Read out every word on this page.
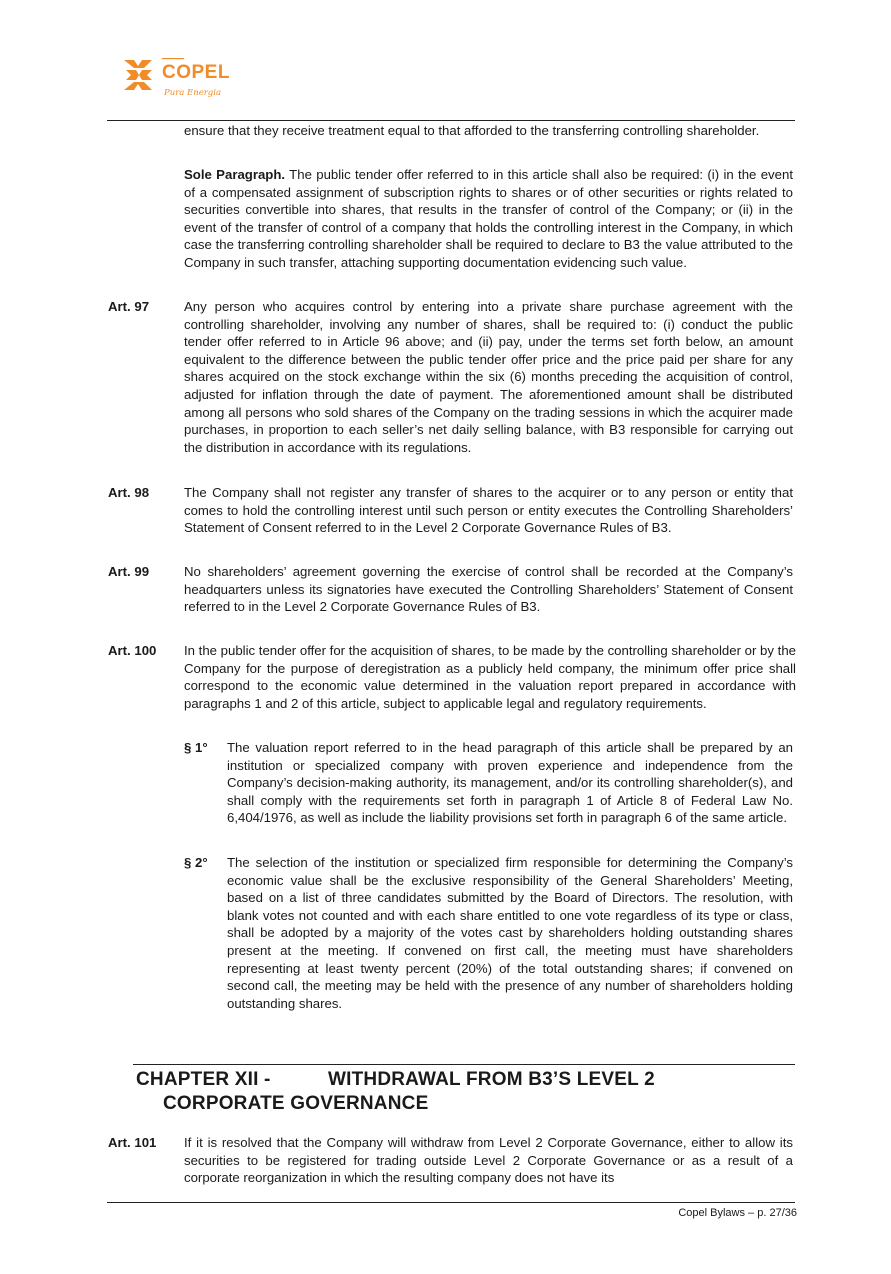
COPEL
Pura Energia
ensure that they receive treatment equal to that afforded to the transferring controlling shareholder.
Sole Paragraph. The public tender offer referred to in this article shall also be required: (i) in the event of a compensated assignment of subscription rights to shares or of other securities or rights related to securities convertible into shares, that results in the transfer of control of the Company; or (ii) in the event of the transfer of control of a company that holds the controlling interest in the Company, in which case the transferring controlling shareholder shall be required to declare to B3 the value attributed to the Company in such transfer, attaching supporting documentation evidencing such value.
Art. 97	Any person who acquires control by entering into a private share purchase agreement with the controlling shareholder, involving any number of shares, shall be required to: (i) conduct the public tender offer referred to in Article 96 above; and (ii) pay, under the terms set forth below, an amount equivalent to the difference between the public tender offer price and the price paid per share for any shares acquired on the stock exchange within the six (6) months preceding the acquisition of control, adjusted for inflation through the date of payment. The aforementioned amount shall be distributed among all persons who sold shares of the Company on the trading sessions in which the acquirer made purchases, in proportion to each seller’s net daily selling balance, with B3 responsible for carrying out the distribution in accordance with its regulations.
Art. 98	The Company shall not register any transfer of shares to the acquirer or to any person or entity that comes to hold the controlling interest until such person or entity executes the Controlling Shareholders’ Statement of Consent referred to in the Level 2 Corporate Governance Rules of B3.
Art. 99	No shareholders’ agreement governing the exercise of control shall be recorded at the Company’s headquarters unless its signatories have executed the Controlling Shareholders’ Statement of Consent referred to in the Level 2 Corporate Governance Rules of B3.
Art. 100 In the public tender offer for the acquisition of shares, to be made by the controlling shareholder or by the Company for the purpose of deregistration as a publicly held company, the minimum offer price shall correspond to the economic value determined in the valuation report prepared in accordance with paragraphs 1 and 2 of this article, subject to applicable legal and regulatory requirements.
§ 1° The valuation report referred to in the head paragraph of this article shall be prepared by an institution or specialized company with proven experience and independence from the Company’s decision-making authority, its management, and/or its controlling shareholder(s), and shall comply with the requirements set forth in paragraph 1 of Article 8 of Federal Law No. 6,404/1976, as well as include the liability provisions set forth in paragraph 6 of the same article.
§ 2° The selection of the institution or specialized firm responsible for determining the Company’s economic value shall be the exclusive responsibility of the General Shareholders’ Meeting, based on a list of three candidates submitted by the Board of Directors. The resolution, with blank votes not counted and with each share entitled to one vote regardless of its type or class, shall be adopted by a majority of the votes cast by shareholders holding outstanding shares present at the meeting. If convened on first call, the meeting must have shareholders representing at least twenty percent (20%) of the total outstanding shares; if convened on second call, the meeting may be held with the presence of any number of shareholders holding outstanding shares.
CHAPTER XII -	WITHDRAWAL FROM B3’S LEVEL 2
CORPORATE GOVERNANCE
Art. 101 If it is resolved that the Company will withdraw from Level 2 Corporate Governance, either to allow its securities to be registered for trading outside Level 2 Corporate Governance or as a result of a corporate reorganization in which the resulting company does not have its
Copel Bylaws – p. 27/36
